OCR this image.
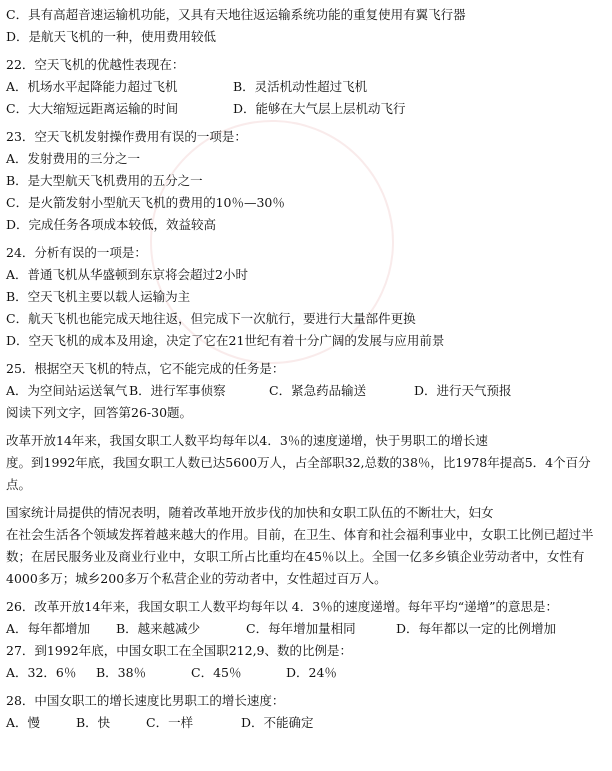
C．具有高超音速运输机功能，又具有天地往返运输系统功能的重复使用有翼飞行器
D．是航天飞机的一种，使用费用较低
22．空天飞机的优越性表现在：
A．机场水平起降能力超过飞机	B．灵活机动性超过飞机
C．大大缩短远距离运输的时间	D．能够在大气层上层机动飞行
23．空天飞机发射操作费用有误的一项是：
A．发射费用的三分之一
B．是大型航天飞机费用的五分之一
C．是火箭发射小型航天飞机的费用的10％—30％
D．完成任务各项成本较低，效益较高
24．分析有误的一项是：
A．普通飞机从华盛顿到东京将会超过2小时
B．空天飞机主要以载人运输为主
C．航天飞机也能完成天地往返，但完成下一次航行，要进行大量部件更换
D．空天飞机的成本及用途，决定了它在21世纪有着十分广阔的发展与应用前景
25．根据空天飞机的特点，它不能完成的任务是：
A．为空间站运送氧气B．进行军事侦察	C．紧急药品输送	D．进行天气预报
阅读下列文字，回答第26-30题。
改革开放14年来，我国女职工人数平均每年以4．3％的速度递增，快于男职工的增长速
度。到1992年底，我国女职工人数已达5600万人，占全部职32,总数的38％，比1978年提高5．4个百分点。
国家统计局提供的情况表明，随着改革地开放步伐的加快和女职工队伍的不断壮大，妇女
在社会生活各个领域发挥着越来越大的作用。目前，在卫生、体育和社会福利事业中，女职工比例已超过半数；在居民服务业及商业行业中，女职工所占比重均在45％以上。全国一亿多乡镇企业劳动者中，女性有4000多万；城乡200多万个私营企业的劳动者中，女性超过百万人。
26．改革开放14年来，我国女职工人数平均每年以 4．3％的速度递增。每年平均“递增”的意思是：
A．每年都增加 B．越来越减少	C．每年增加量相同	D．每年都以一定的比例增加
27．到1992年底，中国女职工在全国职212,9、数的比例是：
A．32．6％ B．38％	C．45％	D．24％
28．中国女职工的增长速度比男职工的增长速度：
A．慢	B．快	C．一样	D．不能确定
